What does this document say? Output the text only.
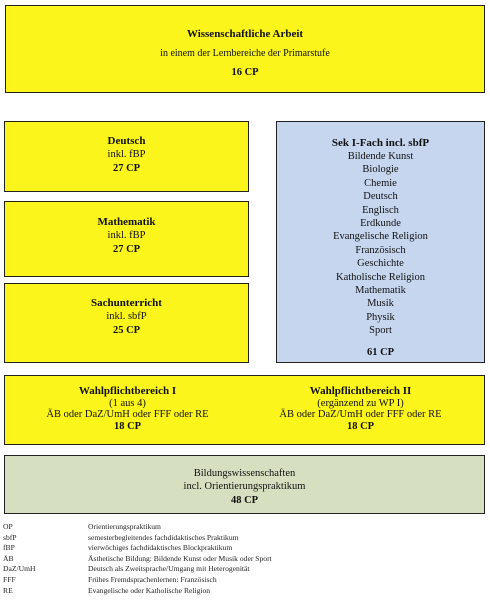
Wissenschaftliche Arbeit
in einem der Lernbereiche der Primarstufe
16 CP
Deutsch
inkl. fBP
27 CP
Mathematik
inkl. fBP
27 CP
Sachunterricht
inkl. sbfP
25 CP
Sek I-Fach incl. sbfP
Bildende Kunst
Biologie
Chemie
Deutsch
Englisch
Erdkunde
Evangelische Religion
Französisch
Geschichte
Katholische Religion
Mathematik
Musik
Physik
Sport
61 CP
Wahlpflichtbereich I
(1 aus 4)
ÄB oder DaZ/UmH oder FFF oder RE
18 CP
Wahlpflichtbereich II
(ergänzend zu WP I)
ÄB oder DaZ/UmH oder FFF oder RE
18 CP
Bildungswissenschaften
incl. Orientierungspraktikum
48 CP
OP	Orientierungspraktikum
sbfP	semesterbegleitendes fachdidaktisches Praktikum
fBP	vierwöchiges fachdidaktisches Blockpraktikum
ÄB	Ästhetische Bildung: Bildende Kunst oder Musik oder Sport
DaZ/UmH	Deutsch als Zweitsprache/Umgang mit Heterogenität
FFF	Frühes Fremdsprachenlernen: Französisch
RE	Evangelische oder Katholische Religion
